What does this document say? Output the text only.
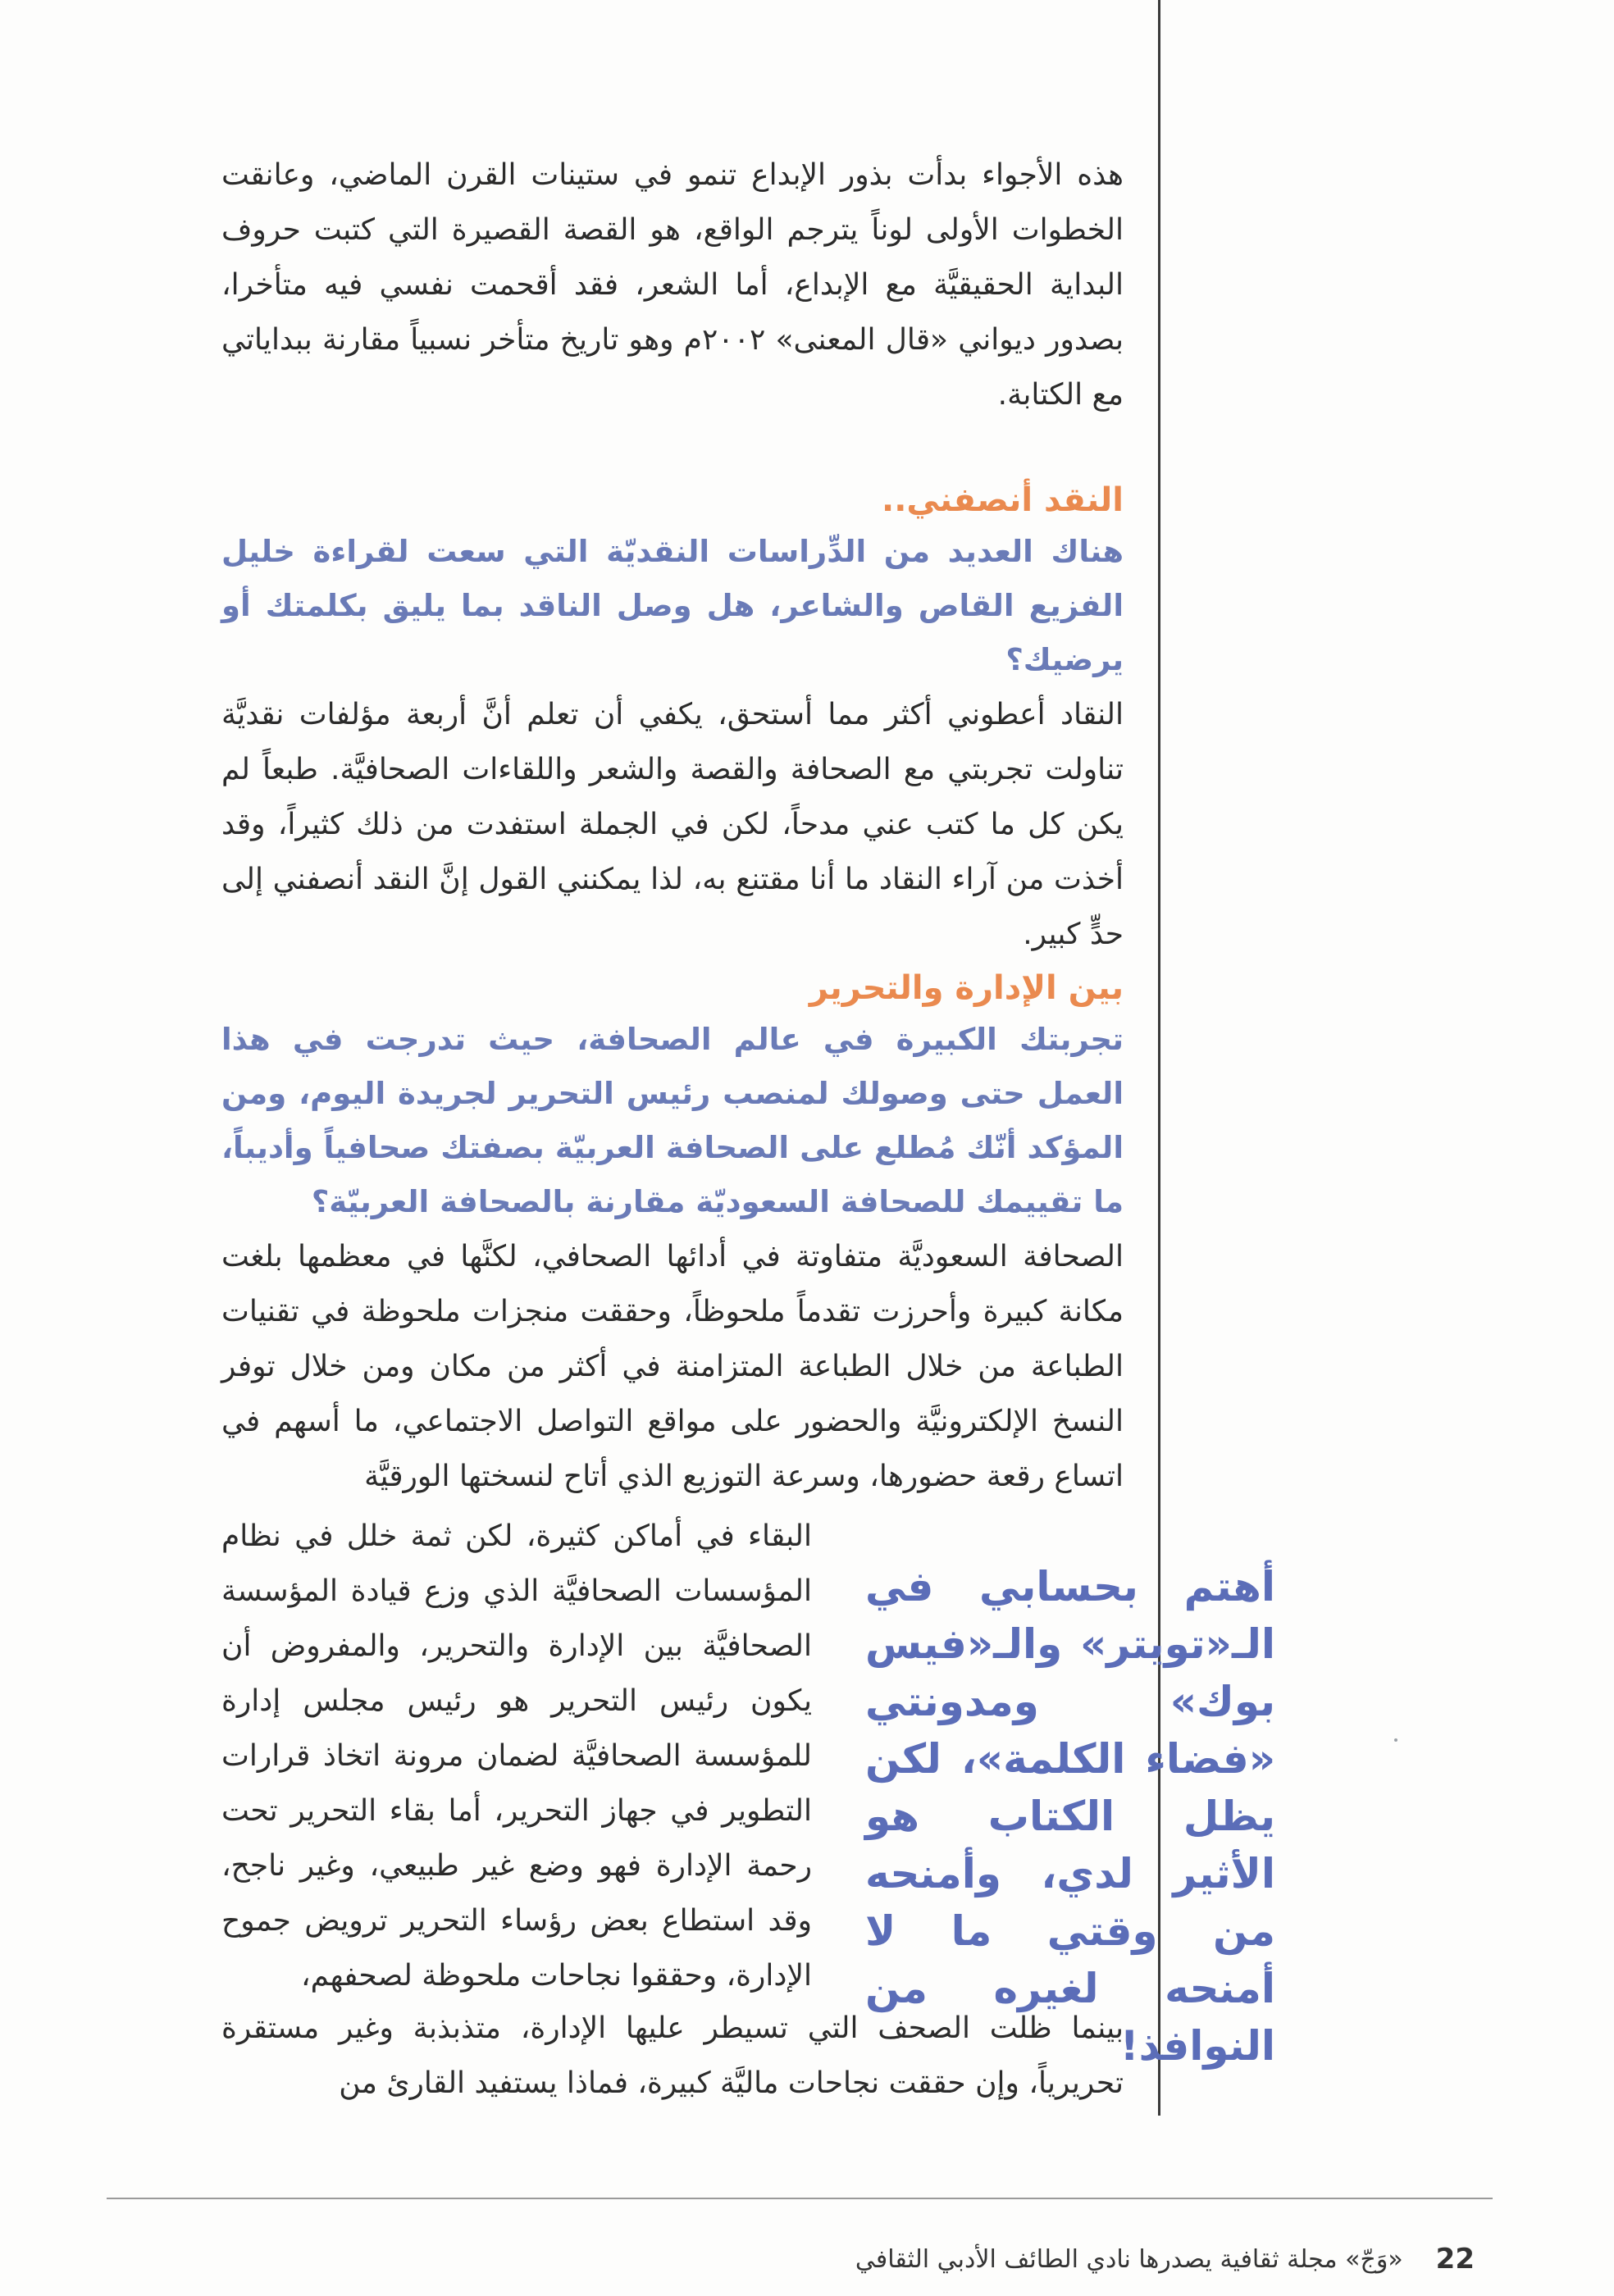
هذه الأجواء بدأت بذور الإبداع تنمو في ستينات القرن الماضي، وعانقت الخطوات الأولى لوناً يترجم الواقع، هو القصة القصيرة التي كتبت حروف البداية الحقيقيَّة مع الإبداع، أما الشعر، فقد أقحمت نفسي فيه متأخرا، بصدور ديواني «قال المعنى» ٢٠٠٢م وهو تاريخ متأخر نسبياً مقارنة ببداياتي مع الكتابة.

النقد أنصفني..

هناك العديد من الدِّراسات النقديّة التي سعت لقراءة خليل الفزيع القاص والشاعر، هل وصل الناقد بما يليق بكلمتك أو يرضيك؟

النقاد أعطوني أكثر مما أستحق، يكفي أن تعلم أنَّ أربعة مؤلفات نقديَّة تناولت تجربتي مع الصحافة والقصة والشعر واللقاءات الصحافيَّة. طبعاً لم يكن كل ما كتب عني مدحاً، لكن في الجملة استفدت من ذلك كثيراً، وقد أخذت من آراء النقاد ما أنا مقتنع به، لذا يمكنني القول إنَّ النقد أنصفني إلى حدٍّ كبير.

بين الإدارة والتحرير

تجربتك الكبيرة في عالم الصحافة، حيث تدرجت في هذا العمل حتى وصولك لمنصب رئيس التحرير لجريدة اليوم، ومن المؤكد أنّك مُطلع على الصحافة العربيّة بصفتك صحافياً وأديباً، ما تقييمك للصحافة السعوديّة مقارنة بالصحافة العربيّة؟

الصحافة السعوديَّة متفاوتة في أدائها الصحافي، لكنَّها في معظمها بلغت مكانة كبيرة وأحرزت تقدماً ملحوظاً، وحققت منجزات ملحوظة في تقنيات الطباعة من خلال الطباعة المتزامنة في أكثر من مكان ومن خلال توفر النسخ الإلكترونيَّة والحضور على مواقع التواصل الاجتماعي، ما أسهم في اتساع رقعة حضورها، وسرعة التوزيع الذي أتاح لنسختها الورقيَّة

البقاء في أماكن كثيرة، لكن ثمة خلل في نظام المؤسسات الصحافيَّة الذي وزع قيادة المؤسسة الصحافيَّة بين الإدارة والتحرير، والمفروض أن يكون رئيس التحرير هو رئيس مجلس إدارة للمؤسسة الصحافيَّة لضمان مرونة اتخاذ قرارات التطوير في جهاز التحرير، أما بقاء التحرير تحت رحمة الإدارة فهو وضع غير طبيعي، وغير ناجح، وقد استطاع بعض رؤساء التحرير ترويض جموح الإدارة، وحققوا نجاحات ملحوظة لصحفهم،

أهتم بحسابي في الـ«تويتر» والـ«فيس بوك» ومدونتي «فضاء الكلمة»، لكن يظل الكتاب هو الأثير لدي، وأمنحه من وقتي ما لا أمنحه لغيره من النوافذ!

بينما ظلت الصحف التي تسيطر عليها الإدارة، متذبذبة وغير مستقرة تحريرياً، وإن حققت نجاحات ماليَّة كبيرة، فماذا يستفيد القارئ من

22
«وَجّ» مجلة ثقافية يصدرها نادي الطائف الأدبي الثقافي
